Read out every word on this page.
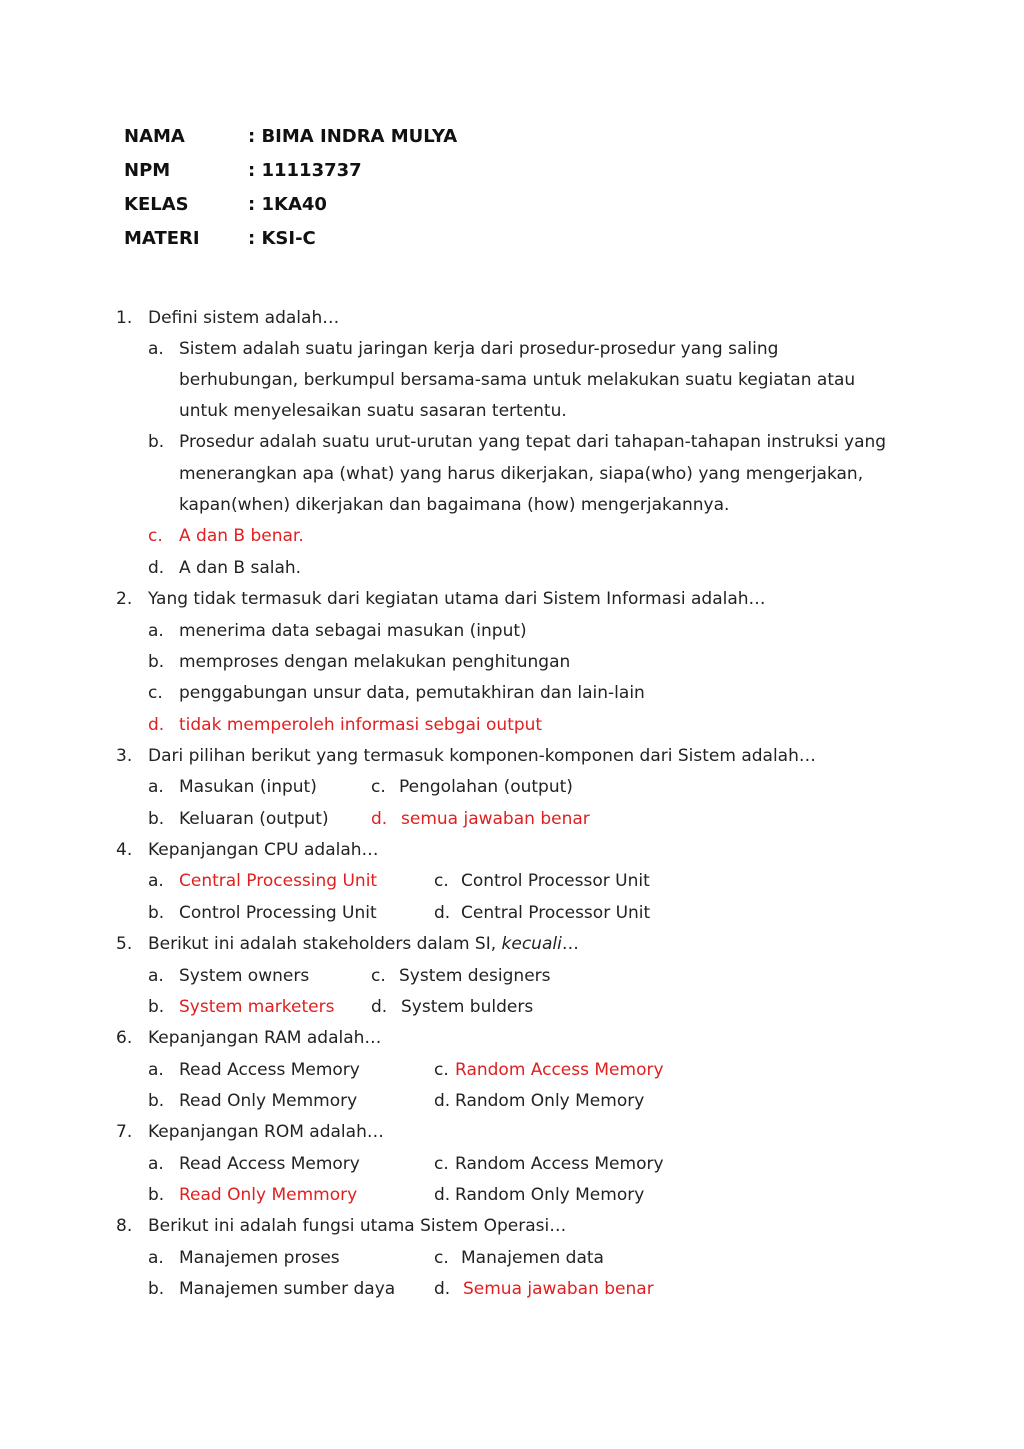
NAMA	: BIMA INDRA MULYA
NPM	: 11113737
KELAS	: 1KA40
MATERI	: KSI-C
1. Defini sistem adalah…
a. Sistem adalah suatu jaringan kerja dari prosedur-prosedur yang saling
berhubungan, berkumpul bersama-sama untuk melakukan suatu kegiatan atau
untuk menyelesaikan suatu sasaran tertentu.
b. Prosedur adalah suatu urut-urutan yang tepat dari tahapan-tahapan instruksi yang
menerangkan apa (what) yang harus dikerjakan, siapa(who) yang mengerjakan,
kapan(when) dikerjakan dan bagaimana (how) mengerjakannya.
c. A dan B benar.
d. A dan B salah.
2. Yang tidak termasuk dari kegiatan utama dari Sistem Informasi adalah…
a. menerima data sebagai masukan (input)
b. memproses dengan melakukan penghitungan
c. penggabungan unsur data, pemutakhiran dan lain-lain
d. tidak memperoleh informasi sebgai output
3. Dari pilihan berikut yang termasuk komponen-komponen dari Sistem adalah…
a. Masukan (input)	c. Pengolahan (output)
b. Keluaran (output) d. semua jawaban benar
4. Kepanjangan CPU adalah…
a. Central Processing Unit	c. Control Processor Unit
b. Control Processing Unit	d. Central Processor Unit
5. Berikut ini adalah stakeholders dalam SI, kecuali…
a. System owners	c. System designers
b. System marketers d. System bulders
6. Kepanjangan RAM adalah…
a. Read Access Memory	c. Random Access Memory
b. Read Only Memmory	d. Random Only Memory
7. Kepanjangan ROM adalah…
a. Read Access Memory	c. Random Access Memory
b. Read Only Memmory	d. Random Only Memory
8. Berikut ini adalah fungsi utama Sistem Operasi…
a. Manajemen proses	c. Manajemen data
b. Manajemen sumber daya d. Semua jawaban benar
